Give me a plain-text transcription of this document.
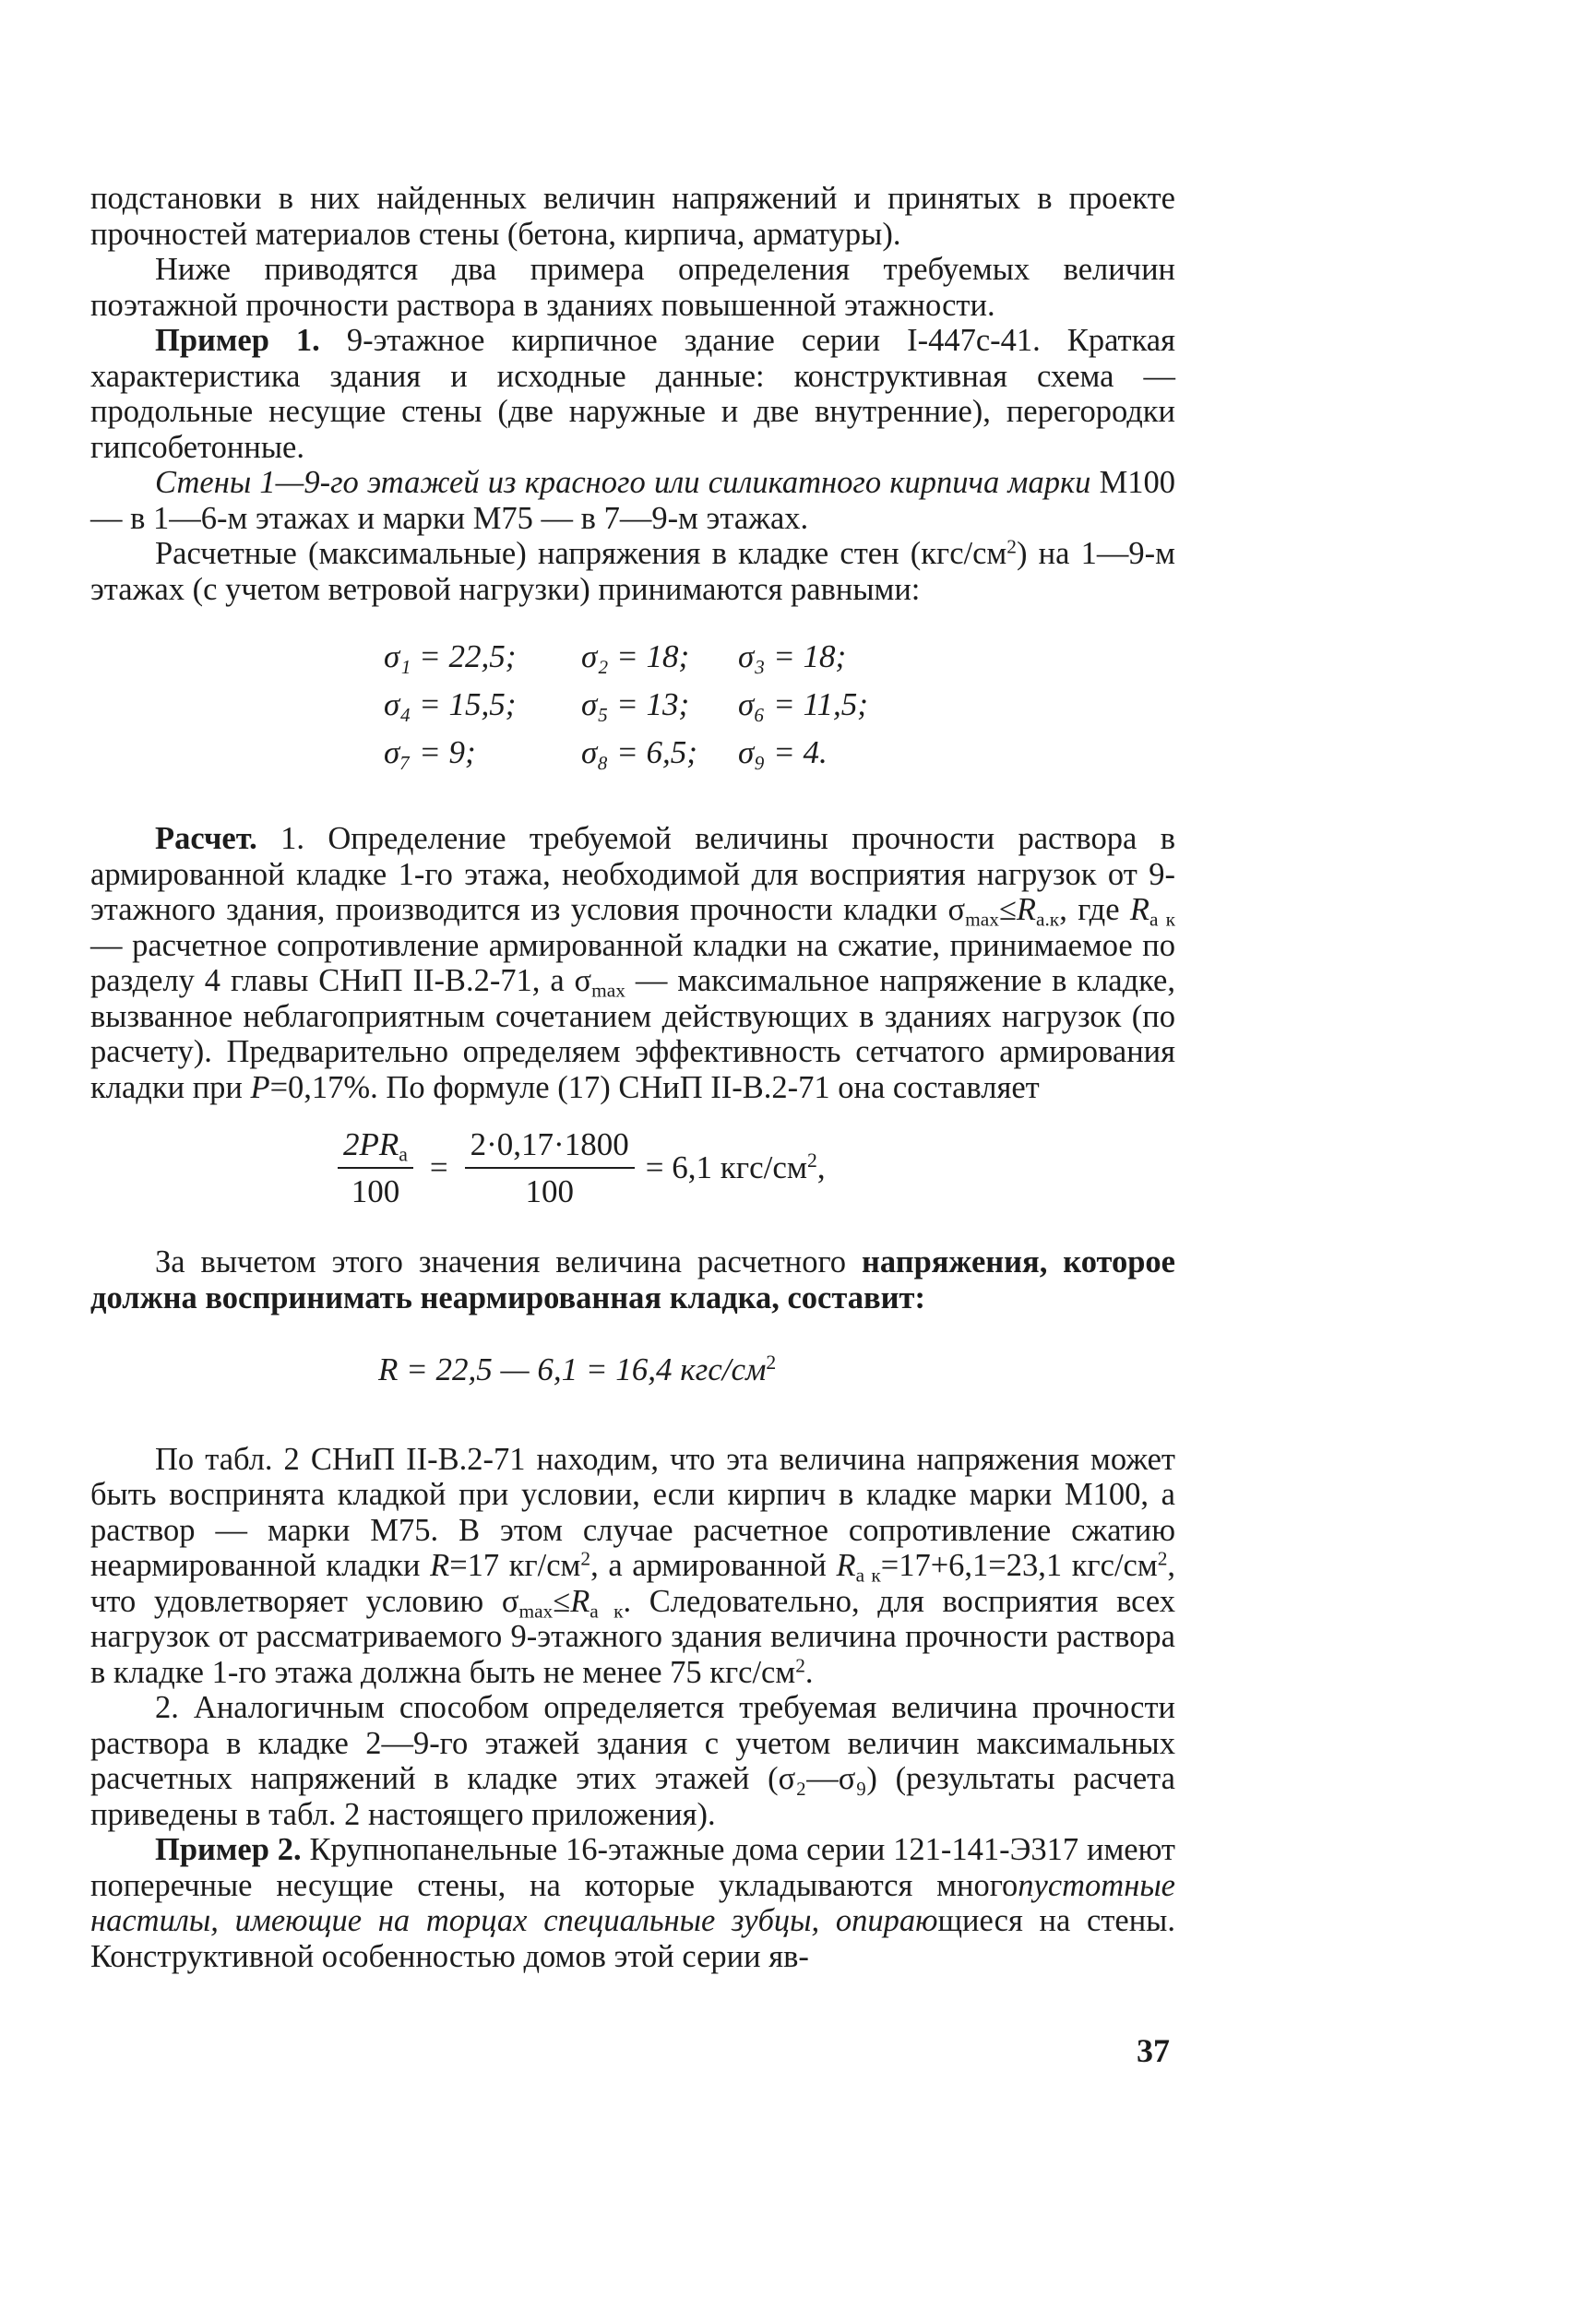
подстановки в них найденных величин напряжений и принятых в проекте прочностей материалов стены (бетона, кирпича, арматуры).

Ниже приводятся два примера определения требуемых величин поэтажной прочности раствора в зданиях повышенной этажности.

Пример 1. 9-этажное кирпичное здание серии I-447с-41. Краткая характеристика здания и исходные данные: конструктивная схема — продольные несущие стены (две наружные и две внутренние), перегородки гипсобетонные.

Стены 1—9-го этажей из красного или силикатного кирпича марки М100 — в 1—6-м этажах и марки М75 — в 7—9-м этажах.

Расчетные (максимальные) напряжения в кладке стен $(кгс/см^2)$ на 1—9-м этажах (с учетом ветровой нагрузки) принимаются равными:

σ₁ = 22,5;	σ₂ = 18;	σ₃ = 18;
σ₄ = 15,5;	σ₅ = 13;	σ₆ = 11,5;
σ₇ = 9;	σ₈ = 6,5;	σ₉ = 4.

Расчет. 1. Определение требуемой величины прочности раствора в армированной кладке 1-го этажа, необходимой для восприятия нагрузок от 9-этажного здания, производится из условия прочности кладки $\sigma_{max}\le R_{а.к}$, где $R_{а к}$ — расчетное сопротивление армированной кладки на сжатие, принимаемое по разделу 4 главы СНиП II-В.2-71, а $\sigma_{max}$ — максимальное напряжение в кладке, вызванное неблагоприятным сочетанием действующих в зданиях нагрузок (по расчету). Предварительно определяем эффективность сетчатого армирования кладки при P=0,17%. По формуле (17) СНиП II-В.2-71 она составляет

$\frac{2PR_а}{100} = \frac{2\cdot 0,17\cdot 1800}{100} = 6,1$ кгс/$см^2$,

За вычетом этого значения величина расчетного напряжения, которое должна воспринимать неармированная кладка, составит:

R = 22,5 — 6,1 = 16,4 кгс/$см^2$

По табл. 2 СНиП II-В.2-71 находим, что эта величина напряжения может быть воспринята кладкой при условии, если кирпич в кладке марки М100, а раствор — марки М75. В этом случае расчетное сопротивление сжатию неармированной кладки R=17 $кг/см^2$, а армированной $R_{а к}=17+6,1=23,1$ кгс/$см^2$, что удовлетворяет условию $\sigma_{max}\le R_{а к}$. Следовательно, для восприятия всех нагрузок от рассматриваемого 9-этажного здания величина прочности раствора в кладке 1-го этажа должна быть не менее 75 кгс/$см^2$.

2. Аналогичным способом определяется требуемая величина прочности раствора в кладке 2—9-го этажей здания с учетом величин максимальных расчетных напряжений в кладке этих этажей (σ₂—σ₉) (результаты расчета приведены в табл. 2 настоящего приложения).

Пример 2. Крупнопанельные 16-этажные дома серии 121-141-Э317 имеют поперечные несущие стены, на которые укладываются многопустотные настилы, имеющие на торцах специальные зубцы, опирающиеся на стены. Конструктивной особенностью домов этой серии яв-

37
